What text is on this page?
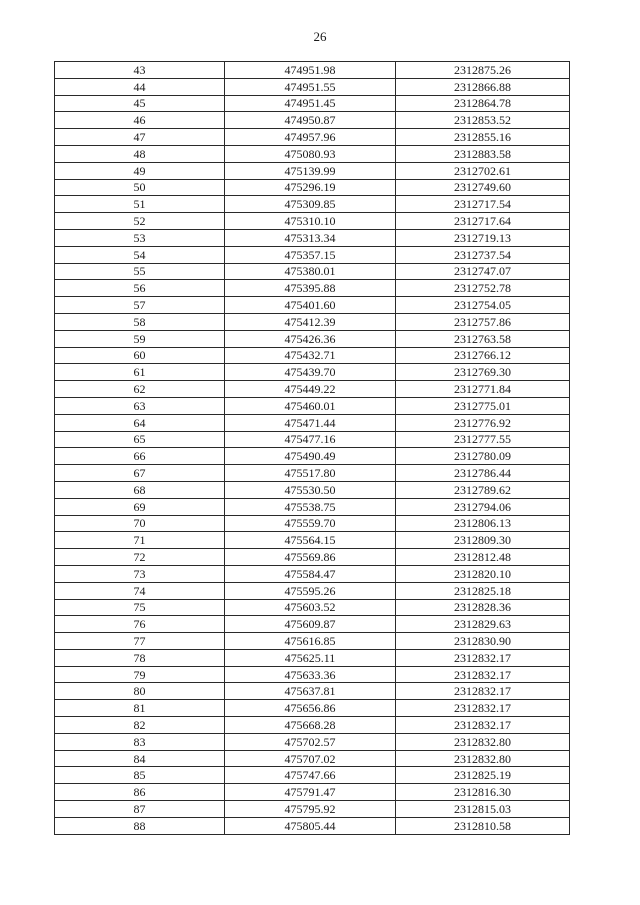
26
43	474951.98	2312875.26
44	474951.55	2312866.88
45	474951.45	2312864.78
46	474950.87	2312853.52
47	474957.96	2312855.16
48	475080.93	2312883.58
49	475139.99	2312702.61
50	475296.19	2312749.60
51	475309.85	2312717.54
52	475310.10	2312717.64
53	475313.34	2312719.13
54	475357.15	2312737.54
55	475380.01	2312747.07
56	475395.88	2312752.78
57	475401.60	2312754.05
58	475412.39	2312757.86
59	475426.36	2312763.58
60	475432.71	2312766.12
61	475439.70	2312769.30
62	475449.22	2312771.84
63	475460.01	2312775.01
64	475471.44	2312776.92
65	475477.16	2312777.55
66	475490.49	2312780.09
67	475517.80	2312786.44
68	475530.50	2312789.62
69	475538.75	2312794.06
70	475559.70	2312806.13
71	475564.15	2312809.30
72	475569.86	2312812.48
73	475584.47	2312820.10
74	475595.26	2312825.18
75	475603.52	2312828.36
76	475609.87	2312829.63
77	475616.85	2312830.90
78	475625.11	2312832.17
79	475633.36	2312832.17
80	475637.81	2312832.17
81	475656.86	2312832.17
82	475668.28	2312832.17
83	475702.57	2312832.80
84	475707.02	2312832.80
85	475747.66	2312825.19
86	475791.47	2312816.30
87	475795.92	2312815.03
88	475805.44	2312810.58
